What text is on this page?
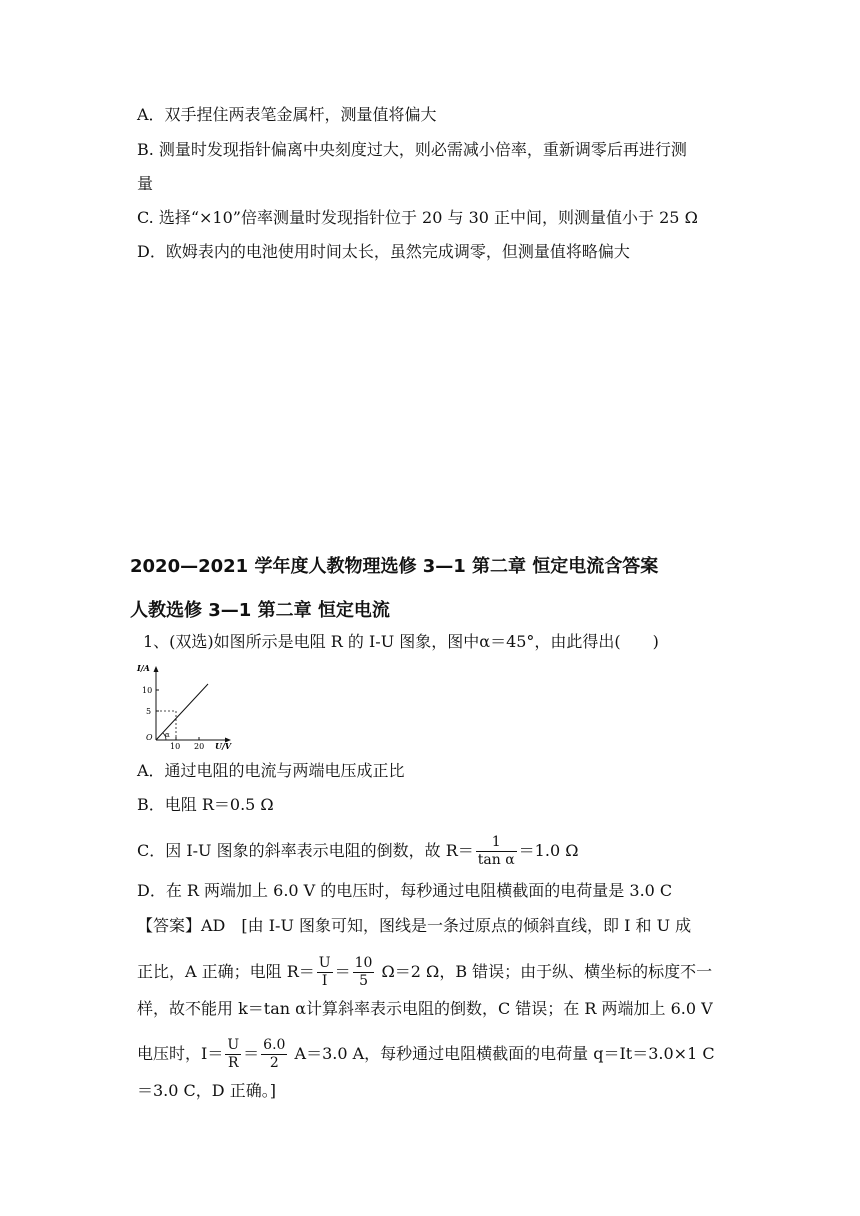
A．双手捏住两表笔金属杆，测量值将偏大
B. 测量时发现指针偏离中央刻度过大，则必需减小倍率，重新调零后再进行测
量
C. 选择“×10”倍率测量时发现指针位于 20 与 30 正中间，则测量值小于 25 Ω
D．欧姆表内的电池使用时间太长，虽然完成调零，但测量值将略偏大
2020—2021 学年度人教物理选修 3—1 第二章 恒定电流含答案
人教选修 3—1 第二章 恒定电流
1、(双选)如图所示是电阻 R 的 I-U 图象，图中α＝45°，由此得出(　　)
I/A
U/V
O
10
5
10 20
α
A．通过电阻的电流与两端电压成正比
B．电阻 R＝0.5 Ω
C．因 I-U 图象的斜率表示电阻的倒数，故 $R= \frac{1}{\text{tan α}} =1.0$ Ω
D．在 R 两端加上 6.0 V 的电压时，每秒通过电阻横截面的电荷量是 3.0 C
【答案】AD　[由 I-U 图象可知，图线是一条过原点的倾斜直线，即 I 和 U 成
正比，A 正确；电阻 $R= \frac{U}{I} = \frac{10}{5} \Omega=2$ Ω，B 错误；由于纵、横坐标的标度不一
样，故不能用 k＝tan α计算斜率表示电阻的倒数，C 错误；在 R 两端加上 6.0 V
电压时，$I= \frac{U}{R} = \frac{6.0}{2} A=3.0$ A，每秒通过电阻横截面的电荷量 q＝It＝3.0×1 C
＝3.0 C，D 正确。]
